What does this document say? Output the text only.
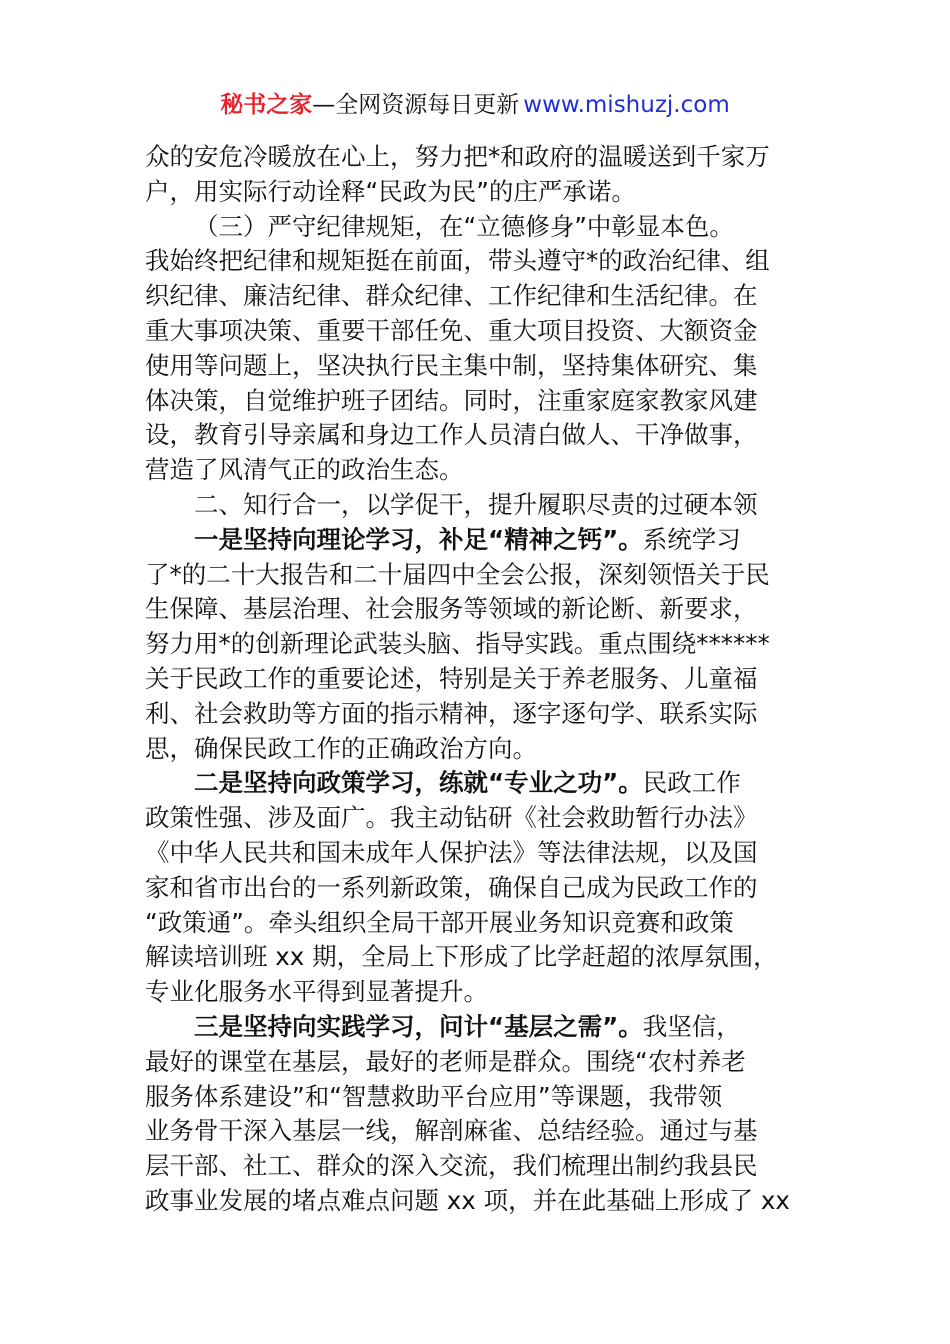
秘书之家—全网资源每日更新 www.mishuzj.com

众的安危冷暖放在心上，努力把*和政府的温暖送到千家万

户，用实际行动诠释“民政为民”的庄严承诺。

（三）严守纪律规矩，在“立德修身”中彰显本色。

我始终把纪律和规矩挺在前面，带头遵守*的政治纪律、组

织纪律、廉洁纪律、群众纪律、工作纪律和生活纪律。在

重大事项决策、重要干部任免、重大项目投资、大额资金

使用等问题上，坚决执行民主集中制，坚持集体研究、集

体决策，自觉维护班子团结。同时，注重家庭家教家风建

设，教育引导亲属和身边工作人员清白做人、干净做事，

营造了风清气正的政治生态。

二、知行合一，以学促干，提升履职尽责的过硬本领

一是坚持向理论学习，补足“精神之钙”。系统学习

了*的二十大报告和二十届四中全会公报，深刻领悟关于民

生保障、基层治理、社会服务等领域的新论断、新要求，

努力用*的创新理论武装头脑、指导实践。重点围绕******

关于民政工作的重要论述，特别是关于养老服务、儿童福

利、社会救助等方面的指示精神，逐字逐句学、联系实际

思，确保民政工作的正确政治方向。

二是坚持向政策学习，练就“专业之功”。民政工作

政策性强、涉及面广。我主动钻研《社会救助暂行办法》

《中华人民共和国未成年人保护法》等法律法规，以及国

家和省市出台的一系列新政策，确保自己成为民政工作的

“政策通”。牵头组织全局干部开展业务知识竞赛和政策

解读培训班 xx 期，全局上下形成了比学赶超的浓厚氛围，

专业化服务水平得到显著提升。

三是坚持向实践学习，问计“基层之需”。我坚信，

最好的课堂在基层，最好的老师是群众。围绕“农村养老

服务体系建设”和“智慧救助平台应用”等课题，我带领

业务骨干深入基层一线，解剖麻雀、总结经验。通过与基

层干部、社工、群众的深入交流，我们梳理出制约我县民

政事业发展的堵点难点问题 xx 项，并在此基础上形成了 xx
